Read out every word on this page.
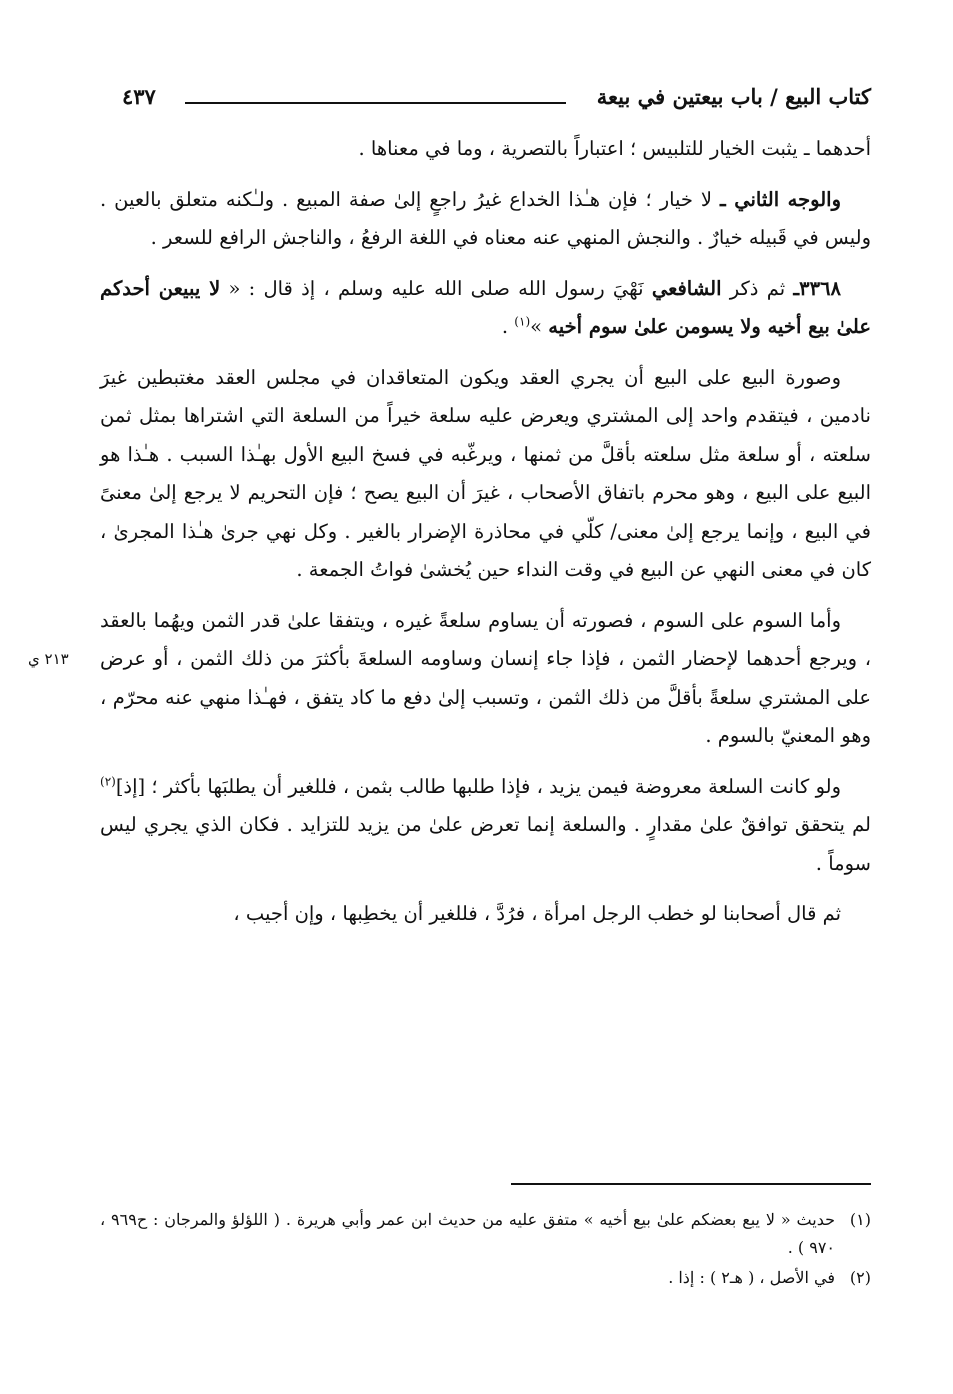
كتاب البيع / باب بيعتين في بيعة
٤٣٧

أحدهما ـ يثبت الخيار للتلبيس ؛ اعتباراً بالتصرية ، وما في معناها .

والوجه الثاني ـ لا خيار ؛ فإن هـٰذا الخداع غيرُ راجعٍ إلىٰ صفة المبيع . ولـٰكنه متعلق بالعين . وليس في قَبيله خيارٌ . والنجش المنهي عنه معناه في اللغة الرفعُ ، والناجش الرافع للسعر .

٣٣٦٨ـ ثم ذكر الشافعي نَهْيَ رسول الله صلى الله عليه وسلم ، إذ قال : « لا يبيعن أحدكم علىٰ بيع أخيه ولا يسومن علىٰ سوم أخيه »$^{(١)}$ .

وصورة البيع على البيع أن يجري العقد ويكون المتعاقدان في مجلس العقد مغتبطين غيرَ نادمين ، فيتقدم واحد إلى المشتري ويعرض عليه سلعة خيراً من السلعة التي اشتراها بمثل ثمن سلعته ، أو سلعة مثل سلعته بأقلَّ من ثمنها ، ويرغّبه في فسخ البيع الأول بهـٰذا السبب . هـٰذا هو البيع على البيع ، وهو محرم باتفاق الأصحاب ، غيرَ أن البيع يصح ؛ فإن التحريم لا يرجع إلىٰ معنىً في البيع ، وإنما يرجع إلىٰ معنى/ كلّي في محاذرة الإضرار بالغير . وكل نهي جرىٰ هـٰذا المجرىٰ ، كان في معنى النهي عن البيع في وقت النداء حين يُخشىٰ فواتُ الجمعة .

وأما السوم على السوم ، فصورته أن يساوم سلعةً غيره ، ويتفقا علىٰ قدر الثمن ويهُما بالعقد ، ويرجع أحدهما لإحضار الثمن ، فإذا جاء إنسان وساومه السلعةَ بأكثرَ من ذلك الثمن ، أو عرض على المشتري سلعةً بأقلَّ من ذلك الثمن ، وتسبب إلىٰ دفع ما كاد يتفق ، فهـٰذا منهي عنه محرّم ، وهو المعنيّ بالسوم .

ولو كانت السلعة معروضة فيمن يزيد ، فإذا طلبها طالب بثمن ، فللغير أن يطلبَها بأكثر ؛ [إذ]$^{(٢)}$ لم يتحقق توافقٌ علىٰ مقدارٍ . والسلعة إنما تعرض علىٰ من يزيد للتزايد . فكان الذي يجري ليس سوماً .

ثم قال أصحابنا لو خطب الرجل امرأة ، فرُدَّ ، فللغير أن يخطِبها ، وإن أجيب ،

٢١٣ ي
(١)
حديث « لا يبع بعضكم علىٰ بيع أخيه » متفق عليه من حديث ابن عمر وأبي هريرة . ( اللؤلؤ والمرجان : ح٩٦٩ ، ٩٧٠ ) .
(٢)
في الأصل ، ( هـ٢ ) : إذا .
